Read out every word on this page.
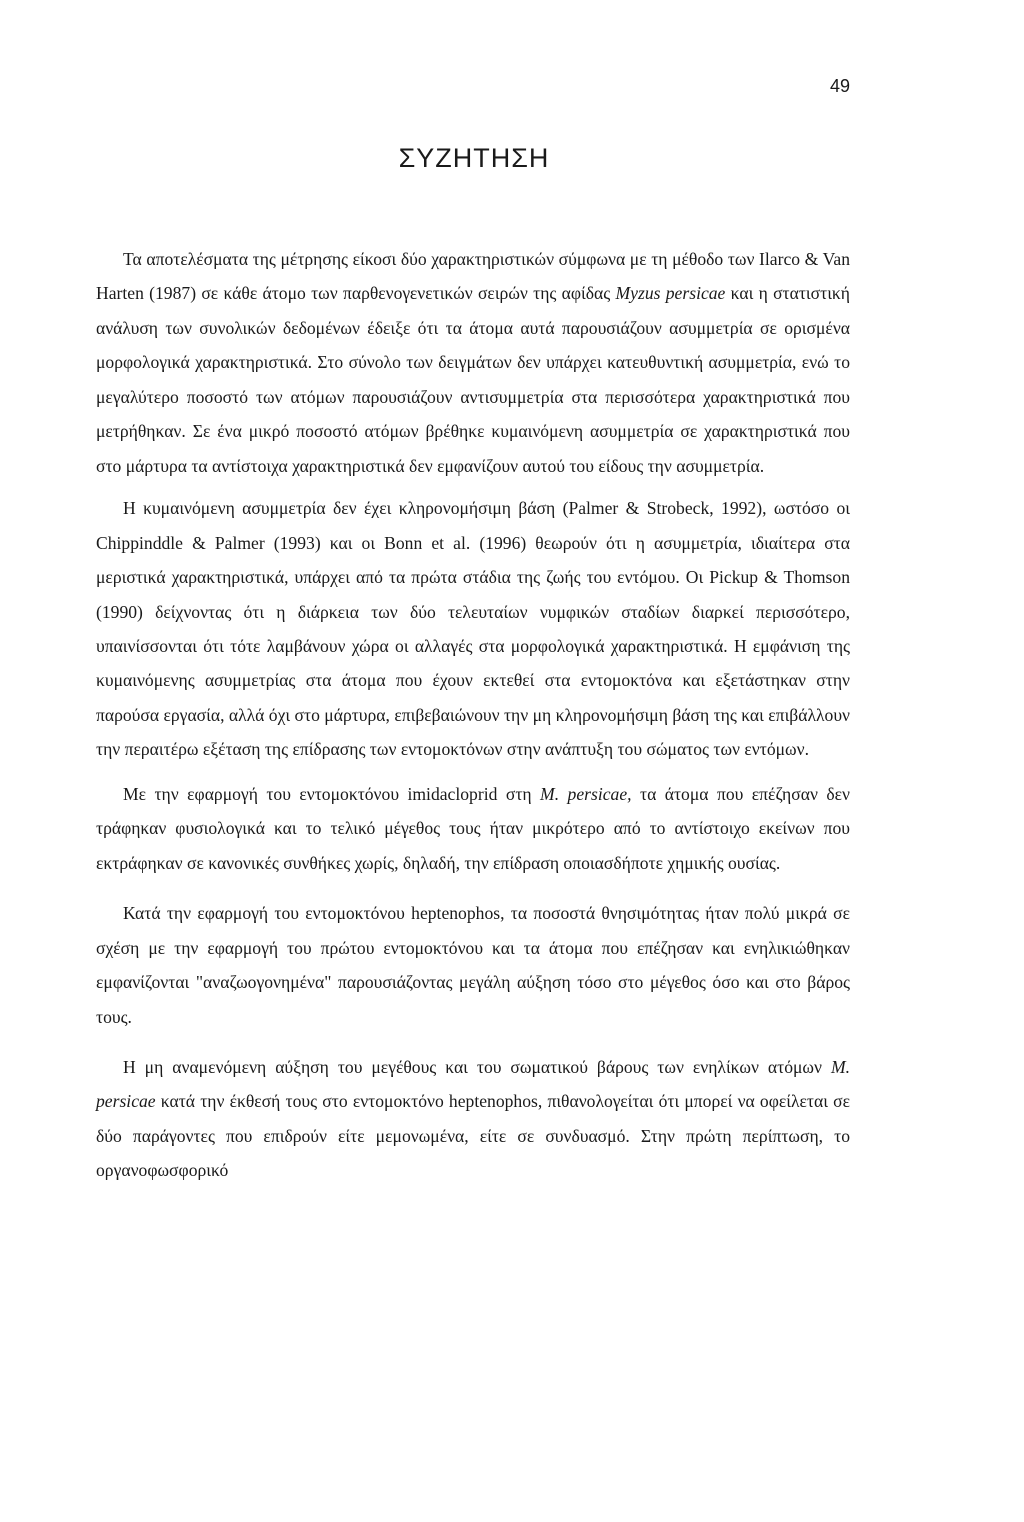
49
ΣΥΖΗΤΗΣΗ

Τα αποτελέσματα της μέτρησης είκοσι δύο χαρακτηριστικών σύμφωνα με τη μέθοδο των Ilarco & Van Harten (1987) σε κάθε άτομο των παρθενογενετικών σειρών της αφίδας Myzus persicae και η στατιστική ανάλυση των συνολικών δεδομένων έδειξε ότι τα άτομα αυτά παρουσιάζουν ασυμμετρία σε ορισμένα μορφολογικά χαρακτηριστικά. Στο σύνολο των δειγμάτων δεν υπάρχει κατευθυντική ασυμμετρία, ενώ το μεγαλύτερο ποσοστό των ατόμων παρουσιάζουν αντισυμμετρία στα περισσότερα χαρακτηριστικά που μετρήθηκαν. Σε ένα μικρό ποσοστό ατόμων βρέθηκε κυμαινόμενη ασυμμετρία σε χαρακτηριστικά που στο μάρτυρα τα αντίστοιχα χαρακτηριστικά δεν εμφανίζουν αυτού του είδους την ασυμμετρία.

Η κυμαινόμενη ασυμμετρία δεν έχει κληρονομήσιμη βάση (Palmer & Strobeck, 1992), ωστόσο οι Chippinddle & Palmer (1993) και οι Bonn et al. (1996) θεωρούν ότι η ασυμμετρία, ιδιαίτερα στα μεριστικά χαρακτηριστικά, υπάρχει από τα πρώτα στάδια της ζωής του εντόμου. Οι Pickup & Thomson (1990) δείχνοντας ότι η διάρκεια των δύο τελευταίων νυμφικών σταδίων διαρκεί περισσότερο, υπαινίσσονται ότι τότε λαμβάνουν χώρα οι αλλαγές στα μορφολογικά χαρακτηριστικά. Η εμφάνιση της κυμαινόμενης ασυμμετρίας στα άτομα που έχουν εκτεθεί στα εντομοκτόνα και εξετάστηκαν στην παρούσα εργασία, αλλά όχι στο μάρτυρα, επιβεβαιώνουν την μη κληρονομήσιμη βάση της και επιβάλλουν την περαιτέρω εξέταση της επίδρασης των εντομοκτόνων στην ανάπτυξη του σώματος των εντόμων.

Με την εφαρμογή του εντομοκτόνου imidacloprid στη M. persicae, τα άτομα που επέζησαν δεν τράφηκαν φυσιολογικά και το τελικό μέγεθος τους ήταν μικρότερο από το αντίστοιχο εκείνων που εκτράφηκαν σε κανονικές συνθήκες χωρίς, δηλαδή, την επίδραση οποιασδήποτε χημικής ουσίας.

Κατά την εφαρμογή του εντομοκτόνου heptenophos, τα ποσοστά θνησιμότητας ήταν πολύ μικρά σε σχέση με την εφαρμογή του πρώτου εντομοκτόνου και τα άτομα που επέζησαν και ενηλικιώθηκαν εμφανίζονται "αναζωογονημένα" παρουσιάζοντας μεγάλη αύξηση τόσο στο μέγεθος όσο και στο βάρος τους.

Η μη αναμενόμενη αύξηση του μεγέθους και του σωματικού βάρους των ενηλίκων ατόμων M. persicae κατά την έκθεσή τους στο εντομοκτόνο heptenophos, πιθανολογείται ότι μπορεί να οφείλεται σε δύο παράγοντες που επιδρούν είτε μεμονωμένα, είτε σε συνδυασμό. Στην πρώτη περίπτωση, το οργανοφωσφορικό
